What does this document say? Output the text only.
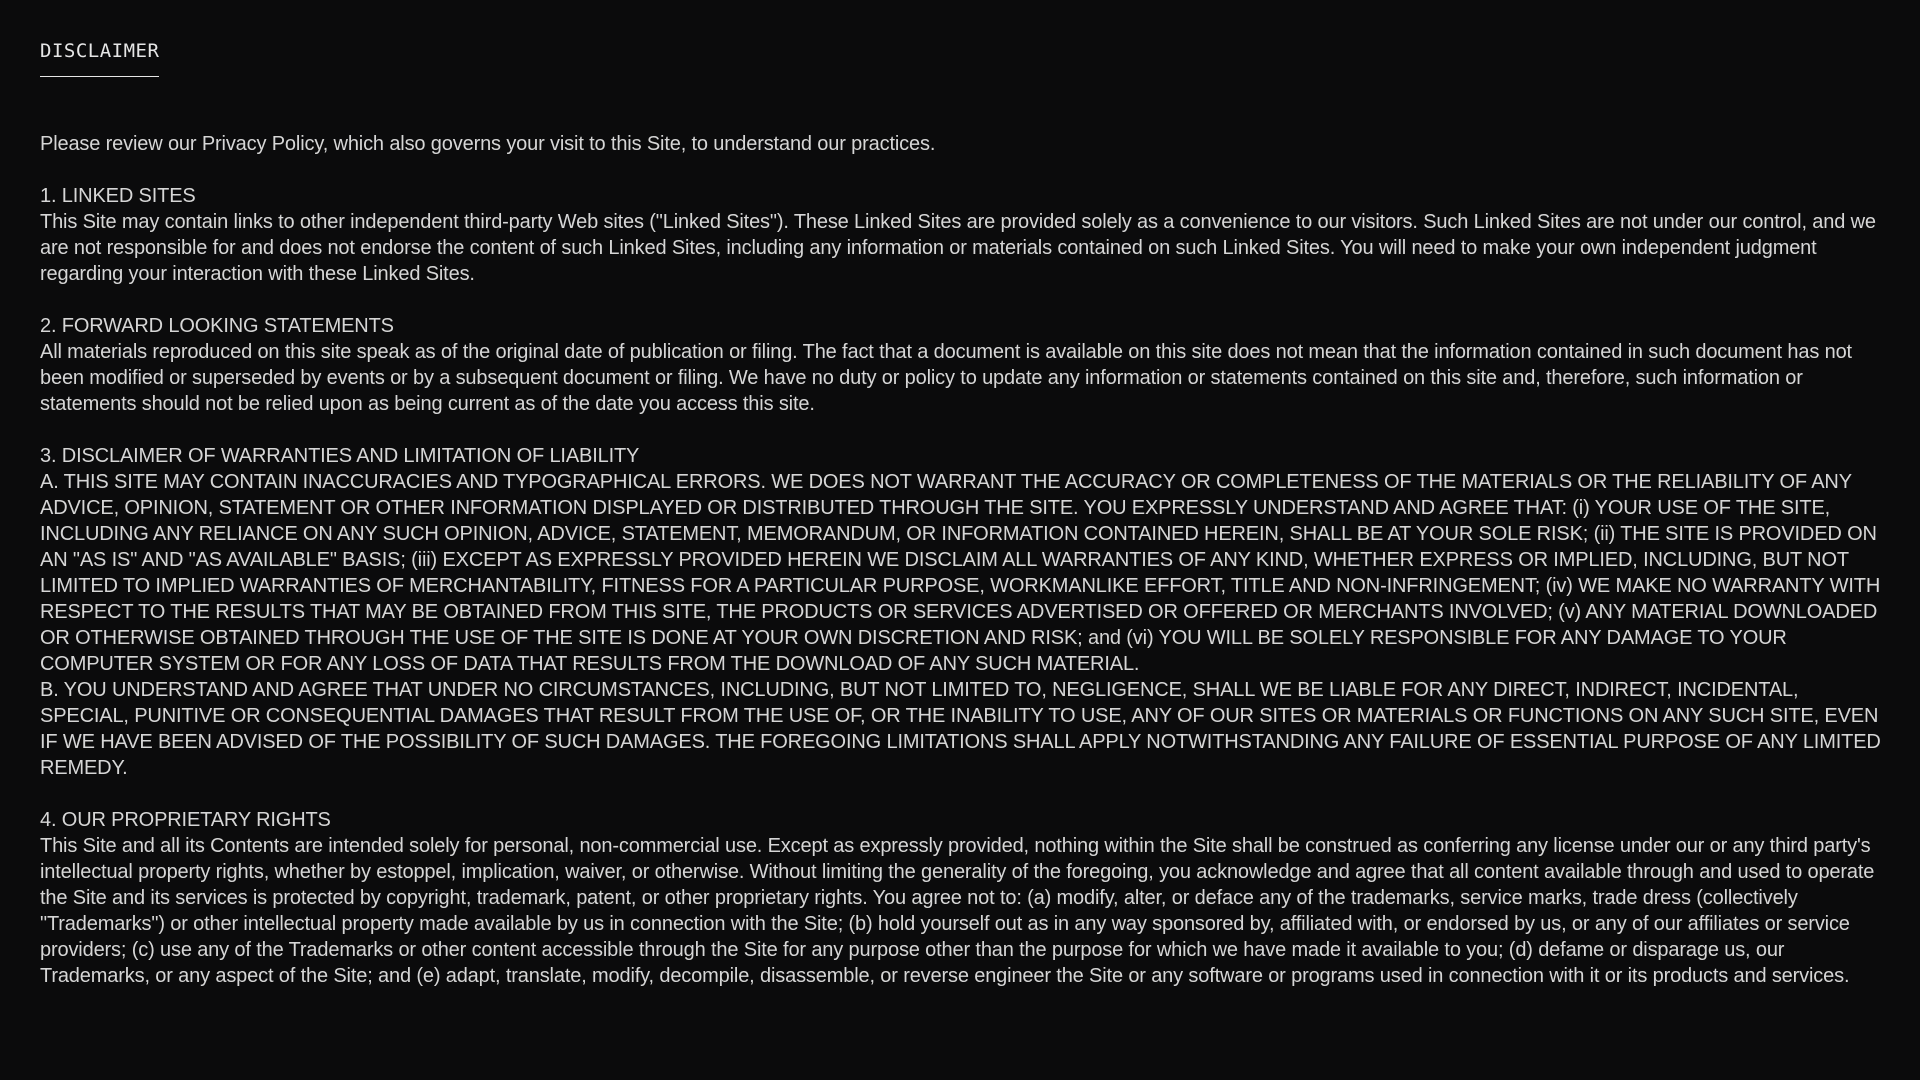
DISCLAIMER

Please review our Privacy Policy, which also governs your visit to this Site, to understand our practices.

1. LINKED SITES
This Site may contain links to other independent third-party Web sites ("Linked Sites"). These Linked Sites are provided solely as a convenience to our visitors. Such Linked Sites are not under our control, and we are not responsible for and does not endorse the content of such Linked Sites, including any information or materials contained on such Linked Sites. You will need to make your own independent judgment regarding your interaction with these Linked Sites.
2. FORWARD LOOKING STATEMENTS
All materials reproduced on this site speak as of the original date of publication or filing. The fact that a document is available on this site does not mean that the information contained in such document has not been modified or superseded by events or by a subsequent document or filing. We have no duty or policy to update any information or statements contained on this site and, therefore, such information or statements should not be relied upon as being current as of the date you access this site.
3. DISCLAIMER OF WARRANTIES AND LIMITATION OF LIABILITY
A. THIS SITE MAY CONTAIN INACCURACIES AND TYPOGRAPHICAL ERRORS. WE DOES NOT WARRANT THE ACCURACY OR COMPLETENESS OF THE MATERIALS OR THE RELIABILITY OF ANY ADVICE, OPINION, STATEMENT OR OTHER INFORMATION DISPLAYED OR DISTRIBUTED THROUGH THE SITE. YOU EXPRESSLY UNDERSTAND AND AGREE THAT: (i) YOUR USE OF THE SITE, INCLUDING ANY RELIANCE ON ANY SUCH OPINION, ADVICE, STATEMENT, MEMORANDUM, OR INFORMATION CONTAINED HEREIN, SHALL BE AT YOUR SOLE RISK; (ii) THE SITE IS PROVIDED ON AN "AS IS" AND "AS AVAILABLE" BASIS; (iii) EXCEPT AS EXPRESSLY PROVIDED HEREIN WE DISCLAIM ALL WARRANTIES OF ANY KIND, WHETHER EXPRESS OR IMPLIED, INCLUDING, BUT NOT LIMITED TO IMPLIED WARRANTIES OF MERCHANTABILITY, FITNESS FOR A PARTICULAR PURPOSE, WORKMANLIKE EFFORT, TITLE AND NON-INFRINGEMENT; (iv) WE MAKE NO WARRANTY WITH RESPECT TO THE RESULTS THAT MAY BE OBTAINED FROM THIS SITE, THE PRODUCTS OR SERVICES ADVERTISED OR OFFERED OR MERCHANTS INVOLVED; (v) ANY MATERIAL DOWNLOADED OR OTHERWISE OBTAINED THROUGH THE USE OF THE SITE IS DONE AT YOUR OWN DISCRETION AND RISK; and (vi) YOU WILL BE SOLELY RESPONSIBLE FOR ANY DAMAGE TO YOUR COMPUTER SYSTEM OR FOR ANY LOSS OF DATA THAT RESULTS FROM THE DOWNLOAD OF ANY SUCH MATERIAL.
B. YOU UNDERSTAND AND AGREE THAT UNDER NO CIRCUMSTANCES, INCLUDING, BUT NOT LIMITED TO, NEGLIGENCE, SHALL WE BE LIABLE FOR ANY DIRECT, INDIRECT, INCIDENTAL, SPECIAL, PUNITIVE OR CONSEQUENTIAL DAMAGES THAT RESULT FROM THE USE OF, OR THE INABILITY TO USE, ANY OF OUR SITES OR MATERIALS OR FUNCTIONS ON ANY SUCH SITE, EVEN IF WE HAVE BEEN ADVISED OF THE POSSIBILITY OF SUCH DAMAGES. THE FOREGOING LIMITATIONS SHALL APPLY NOTWITHSTANDING ANY FAILURE OF ESSENTIAL PURPOSE OF ANY LIMITED REMEDY.
4. OUR PROPRIETARY RIGHTS
This Site and all its Contents are intended solely for personal, non-commercial use. Except as expressly provided, nothing within the Site shall be construed as conferring any license under our or any third party's intellectual property rights, whether by estoppel, implication, waiver, or otherwise. Without limiting the generality of the foregoing, you acknowledge and agree that all content available through and used to operate the Site and its services is protected by copyright, trademark, patent, or other proprietary rights. You agree not to: (a) modify, alter, or deface any of the trademarks, service marks, trade dress (collectively "Trademarks") or other intellectual property made available by us in connection with the Site; (b) hold yourself out as in any way sponsored by, affiliated with, or endorsed by us, or any of our affiliates or service providers; (c) use any of the Trademarks or other content accessible through the Site for any purpose other than the purpose for which we have made it available to you; (d) defame or disparage us, our Trademarks, or any aspect of the Site; and (e) adapt, translate, modify, decompile, disassemble, or reverse engineer the Site or any software or programs used in connection with it or its products and services.
